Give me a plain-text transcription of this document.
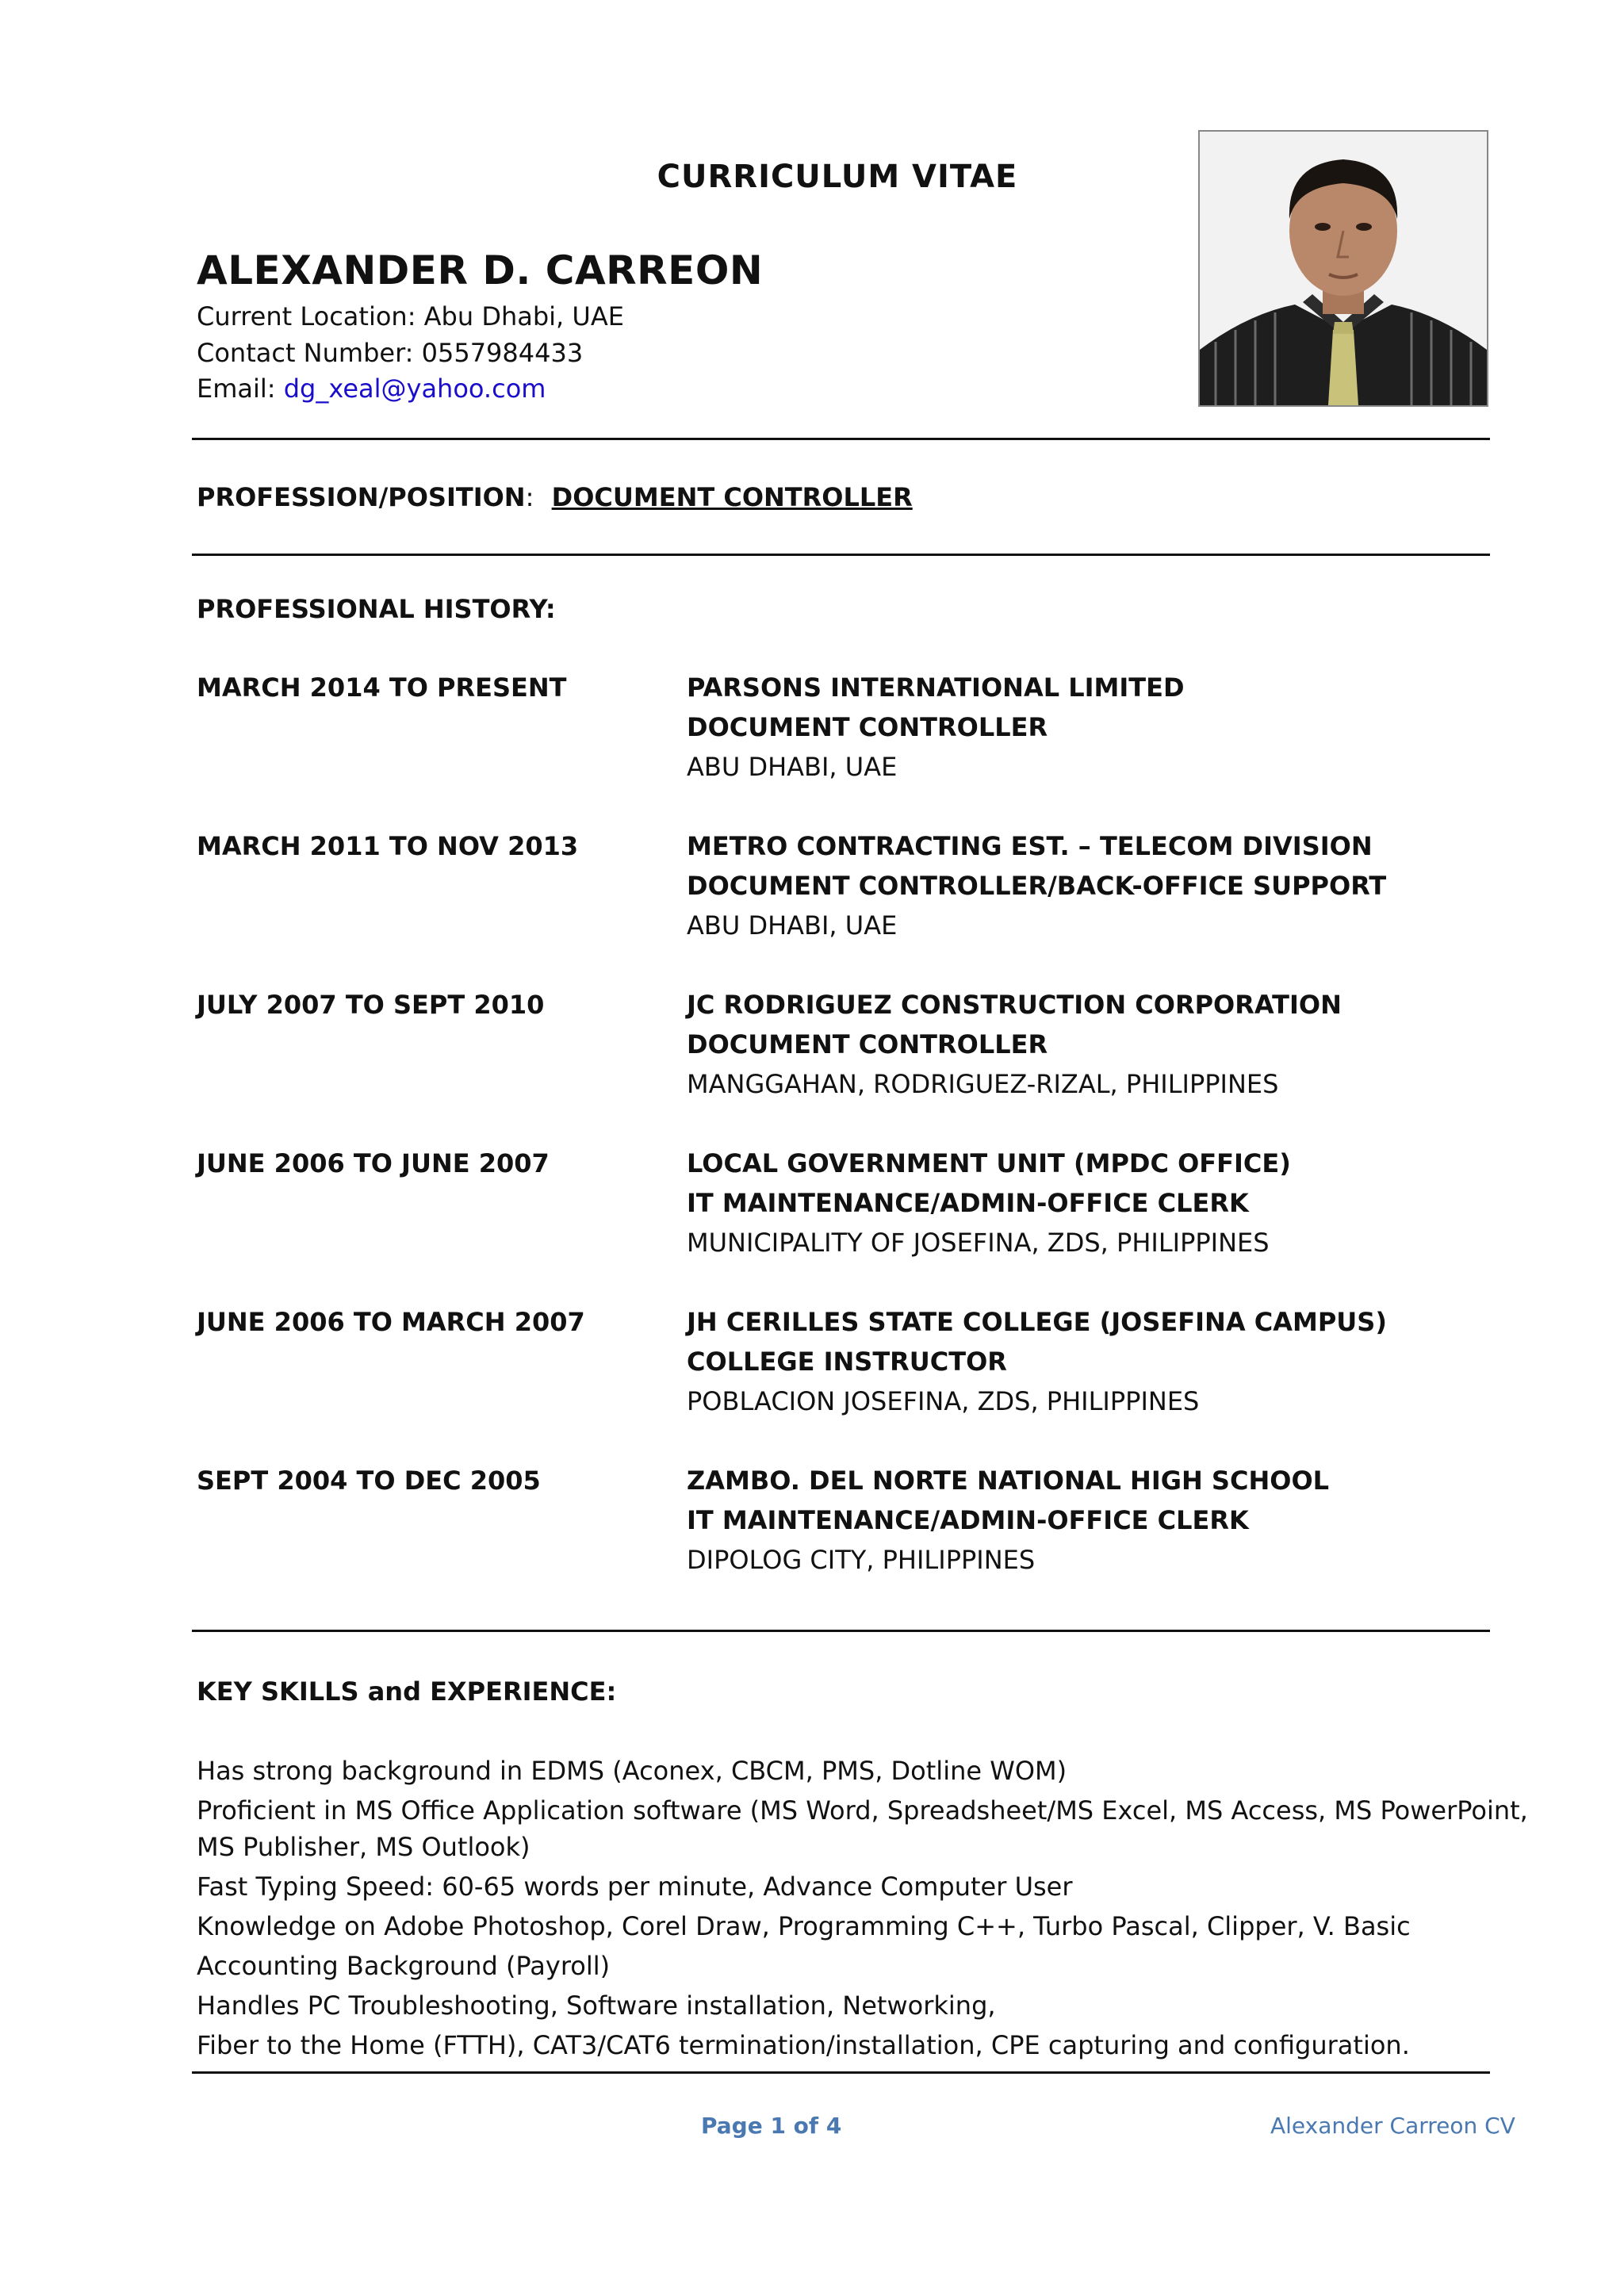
CURRICULUM VITAE
ALEXANDER D. CARREON
Current Location: Abu Dhabi, UAE
Contact Number: 0557984433
Email: dg_xeal@yahoo.com
PROFESSION/POSITION: DOCUMENT CONTROLLER
PROFESSIONAL HISTORY:
MARCH 2014 TO PRESENT	PARSONS INTERNATIONAL LIMITED
DOCUMENT CONTROLLER
ABU DHABI, UAE
MARCH 2011 TO NOV 2013	METRO CONTRACTING EST. – TELECOM DIVISION
DOCUMENT CONTROLLER/BACK-OFFICE SUPPORT
ABU DHABI, UAE
JULY 2007 TO SEPT 2010	JC RODRIGUEZ CONSTRUCTION CORPORATION
DOCUMENT CONTROLLER
MANGGAHAN, RODRIGUEZ-RIZAL, PHILIPPINES
JUNE 2006 TO JUNE 2007	LOCAL GOVERNMENT UNIT (MPDC OFFICE)
IT MAINTENANCE/ADMIN-OFFICE CLERK
MUNICIPALITY OF JOSEFINA, ZDS, PHILIPPINES
JUNE 2006 TO MARCH 2007	JH CERILLES STATE COLLEGE (JOSEFINA CAMPUS)
COLLEGE INSTRUCTOR
POBLACION JOSEFINA, ZDS, PHILIPPINES
SEPT 2004 TO DEC 2005	ZAMBO. DEL NORTE NATIONAL HIGH SCHOOL
IT MAINTENANCE/ADMIN-OFFICE CLERK
DIPOLOG CITY, PHILIPPINES
KEY SKILLS and EXPERIENCE:
Has strong background in EDMS (Aconex, CBCM, PMS, Dotline WOM)
Proficient in MS Office Application software (MS Word, Spreadsheet/MS Excel, MS Access, MS PowerPoint,
MS Publisher, MS Outlook)
Fast Typing Speed: 60-65 words per minute, Advance Computer User
Knowledge on Adobe Photoshop, Corel Draw, Programming C++, Turbo Pascal, Clipper, V. Basic
Accounting Background (Payroll)
Handles PC Troubleshooting, Software installation, Networking,
Fiber to the Home (FTTH), CAT3/CAT6 termination/installation, CPE capturing and configuration.
Page 1 of 4	Alexander Carreon CV
